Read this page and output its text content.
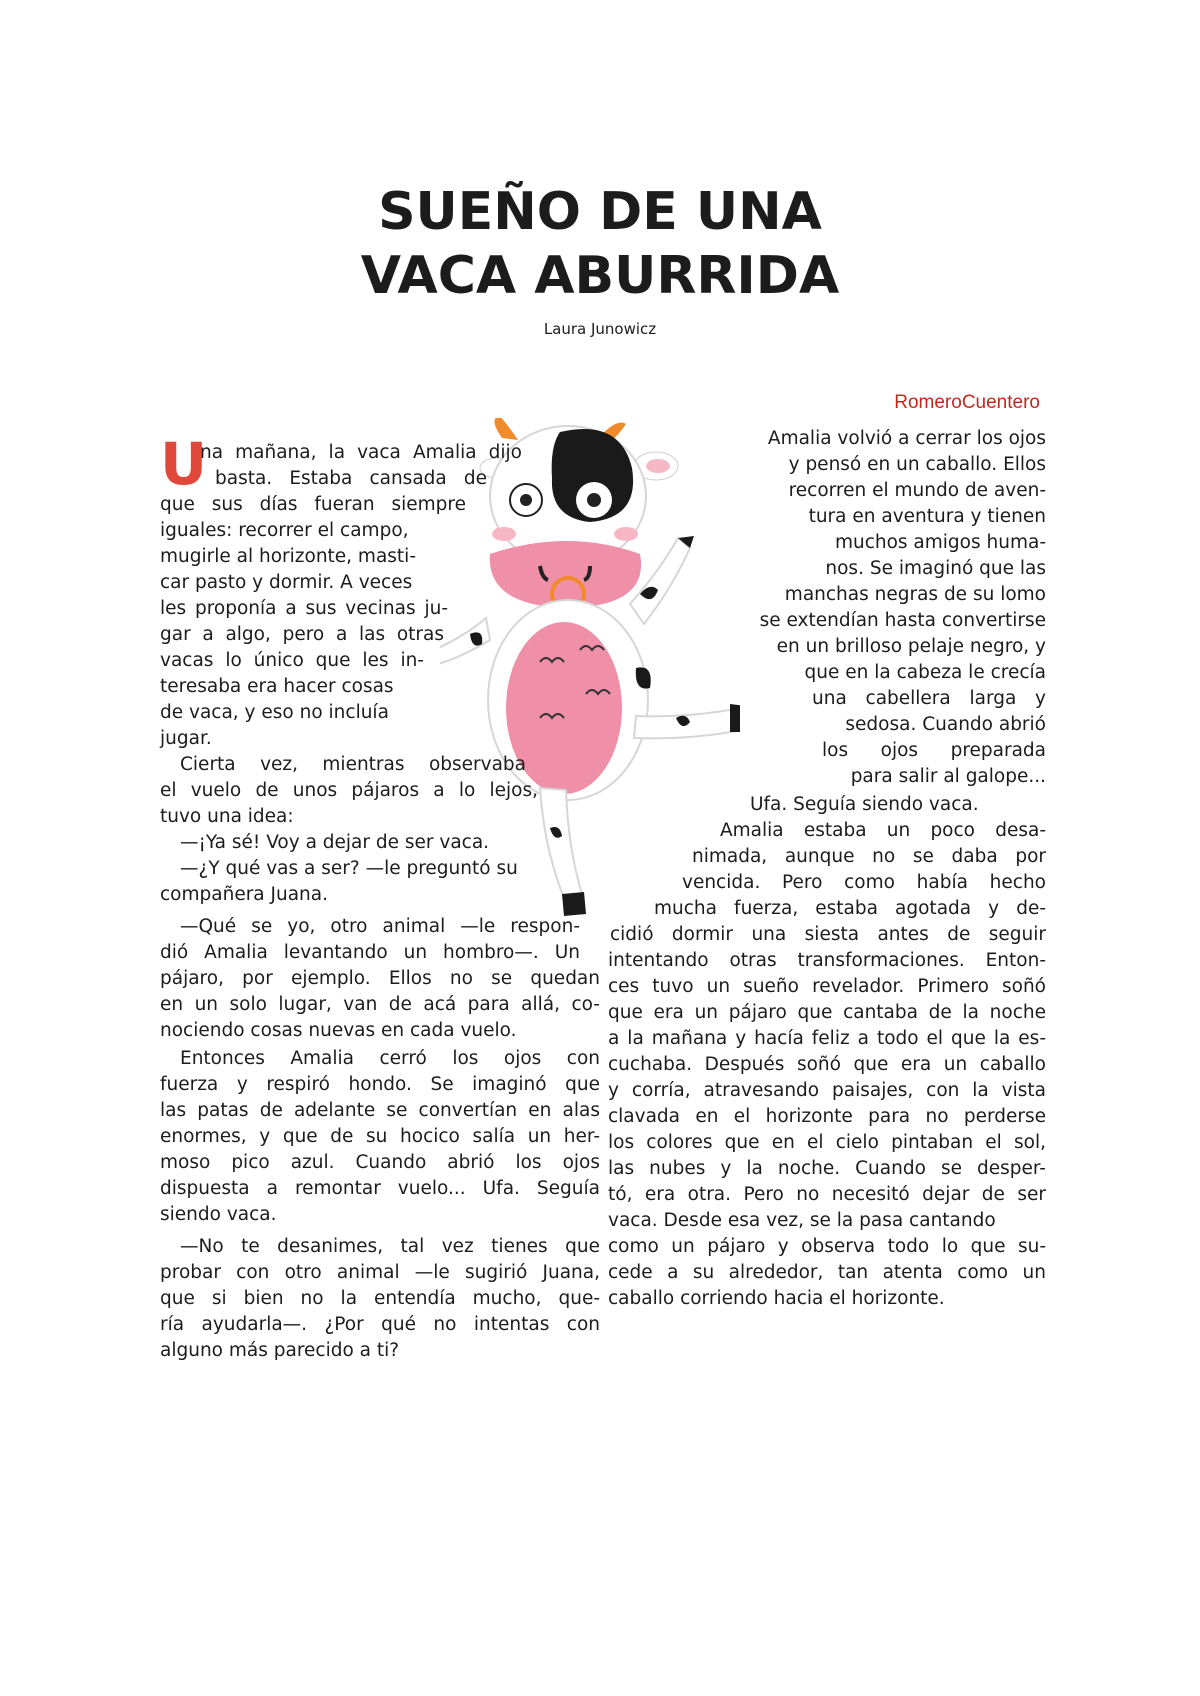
SUEÑO DE UNA
VACA ABURRIDA

Laura Junowicz

RomeroCuentero

U

na mañana, la vaca Amalia dijo

basta. Estaba cansada de

que sus días fueran siempre

iguales: recorrer el campo,

mugirle al horizonte, masti-

car pasto y dormir. A veces

les proponía a sus vecinas ju-

gar a algo, pero a las otras

vacas lo único que les in-

teresaba era hacer cosas

de vaca, y eso no incluía

jugar.

Cierta vez, mientras observaba

el vuelo de unos pájaros a lo lejos,

tuvo una idea:

—¡Ya sé! Voy a dejar de ser vaca.

—¿Y qué vas a ser? —le preguntó su

compañera Juana.

—Qué se yo, otro animal —le respon-

dió Amalia levantando un hombro—. Un

pájaro, por ejemplo. Ellos no se quedan

en un solo lugar, van de acá para allá, co-

nociendo cosas nuevas en cada vuelo.

Entonces Amalia cerró los ojos con

fuerza y respiró hondo. Se imaginó que

las patas de adelante se convertían en alas

enormes, y que de su hocico salía un her-

moso pico azul. Cuando abrió los ojos

dispuesta a remontar vuelo... Ufa. Seguía

siendo vaca.

—No te desanimes, tal vez tienes que

probar con otro animal —le sugirió Juana,

que si bien no la entendía mucho, que-

ría ayudarla—. ¿Por qué no intentas con

alguno más parecido a ti?

Amalia volvió a cerrar los ojos

y pensó en un caballo. Ellos

recorren el mundo de aven-

tura en aventura y tienen

muchos amigos huma-

nos. Se imaginó que las

manchas negras de su lomo

se extendían hasta convertirse

en un brilloso pelaje negro, y

que en la cabeza le crecía

una cabellera larga y

sedosa. Cuando abrió

los ojos preparada

para salir al galope...

Ufa. Seguía siendo vaca.

Amalia estaba un poco desa-

nimada, aunque no se daba por

vencida. Pero como había hecho

mucha fuerza, estaba agotada y de-

cidió dormir una siesta antes de seguir

intentando otras transformaciones. Enton-

ces tuvo un sueño revelador. Primero soñó

que era un pájaro que cantaba de la noche

a la mañana y hacía feliz a todo el que la es-

cuchaba. Después soñó que era un caballo

y corría, atravesando paisajes, con la vista

clavada en el horizonte para no perderse

los colores que en el cielo pintaban el sol,

las nubes y la noche. Cuando se desper-

tó, era otra. Pero no necesitó dejar de ser

vaca. Desde esa vez, se la pasa cantando

como un pájaro y observa todo lo que su-

cede a su alrededor, tan atenta como un

caballo corriendo hacia el horizonte.
